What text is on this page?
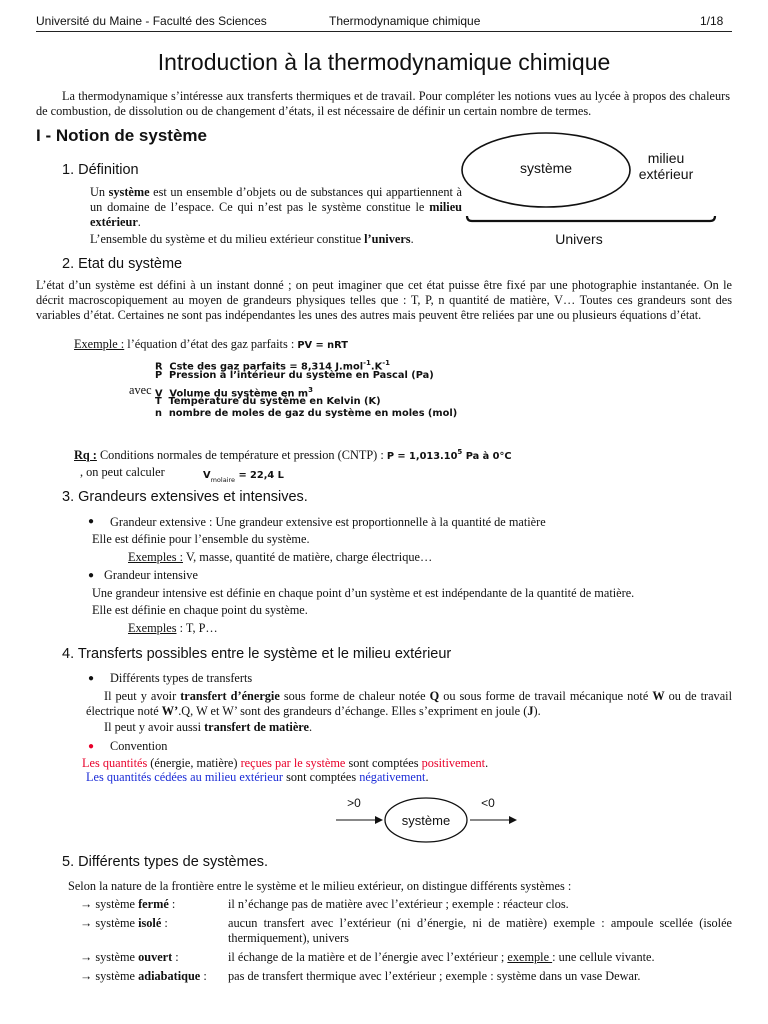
Université du Maine - Faculté des Sciences	Thermodynamique chimique	1/18
Introduction à la thermodynamique chimique

La thermodynamique s’intéresse aux transferts thermiques et de travail. Pour compléter les notions vues au lycée à propos des chaleurs de combustion, de dissolution ou de changement d’états, il est nécessaire de définir un certain nombre de termes.

I - Notion de système
système
milieu
extérieur
Univers
1. Définition

Un système est un ensemble d’objets ou de substances qui appartiennent à un domaine de l’espace. Ce qui n’est pas le système constitue le milieu extérieur.

L’ensemble du système et du milieu extérieur constitue l’univers.

2. Etat du système

L’état d’un système est défini à un instant donné ; on peut imaginer que cet état puisse être fixé par une photographie instantanée. On le décrit macroscopiquement au moyen de grandeurs physiques telles que : T, P, n quantité de matière, V… Toutes ces grandeurs sont des variables d’état. Certaines ne sont pas indépendantes les unes des autres mais peuvent être reliées par une ou plusieurs équations d’état.

Exemple : l’équation d’état des gaz parfaits : PV = nRT

R Cste des gaz parfaits = 8,314 $J.mol^{-1}.K^{-1}$
P Pression à l’intérieur du système en Pascal (Pa)
avec V Volume du système en $m^3$
T Température du système en Kelvin (K)
n nombre de moles de gaz du système en moles (mol)

Rq : Conditions normales de température et pression (CNTP) : $P = 1,013.10^5$ Pa à 0°C

, on peut calculer	$V_{molaire} = 22,4$ L

3. Grandeurs extensives et intensives.
● Grandeur extensive : Une grandeur extensive est proportionnelle à la quantité de matière

Elle est définie pour l’ensemble du système.

Exemples : V, masse, quantité de matière, charge électrique…

● Grandeur intensive

Une grandeur intensive est définie en chaque point d’un système et est indépendante de la quantité de matière.

Elle est définie en chaque point du système.

Exemples : T, P…

4. Transferts possibles entre le système et le milieu extérieur
● Différents types de transferts

Il peut y avoir transfert d’énergie sous forme de chaleur notée Q ou sous forme de travail mécanique noté W ou de travail électrique noté W’.Q, W et W’ sont des grandeurs d’échange. Elles s’expriment en joule (J).

Il peut y avoir aussi transfert de matière.

● Convention

Les quantités (énergie, matière) reçues par le système sont comptées positivement.

Les quantités cédées au milieu extérieur sont comptées négativement.

>0	<0
système
5. Différents types de systèmes.

Selon la nature de la frontière entre le système et le milieu extérieur, on distingue différents systèmes :

→ système fermé :	il n’échange pas de matière avec l’extérieur ; exemple : réacteur clos.
→ système isolé :	aucun transfert avec l’extérieur (ni d’énergie, ni de matière) exemple : ampoule scellée (isolée thermiquement), univers
→ système ouvert :	il échange de la matière et de l’énergie avec l’extérieur ; exemple : une cellule vivante.
→ système adiabatique :	pas de transfert thermique avec l’extérieur ; exemple : système dans un vase Dewar.
